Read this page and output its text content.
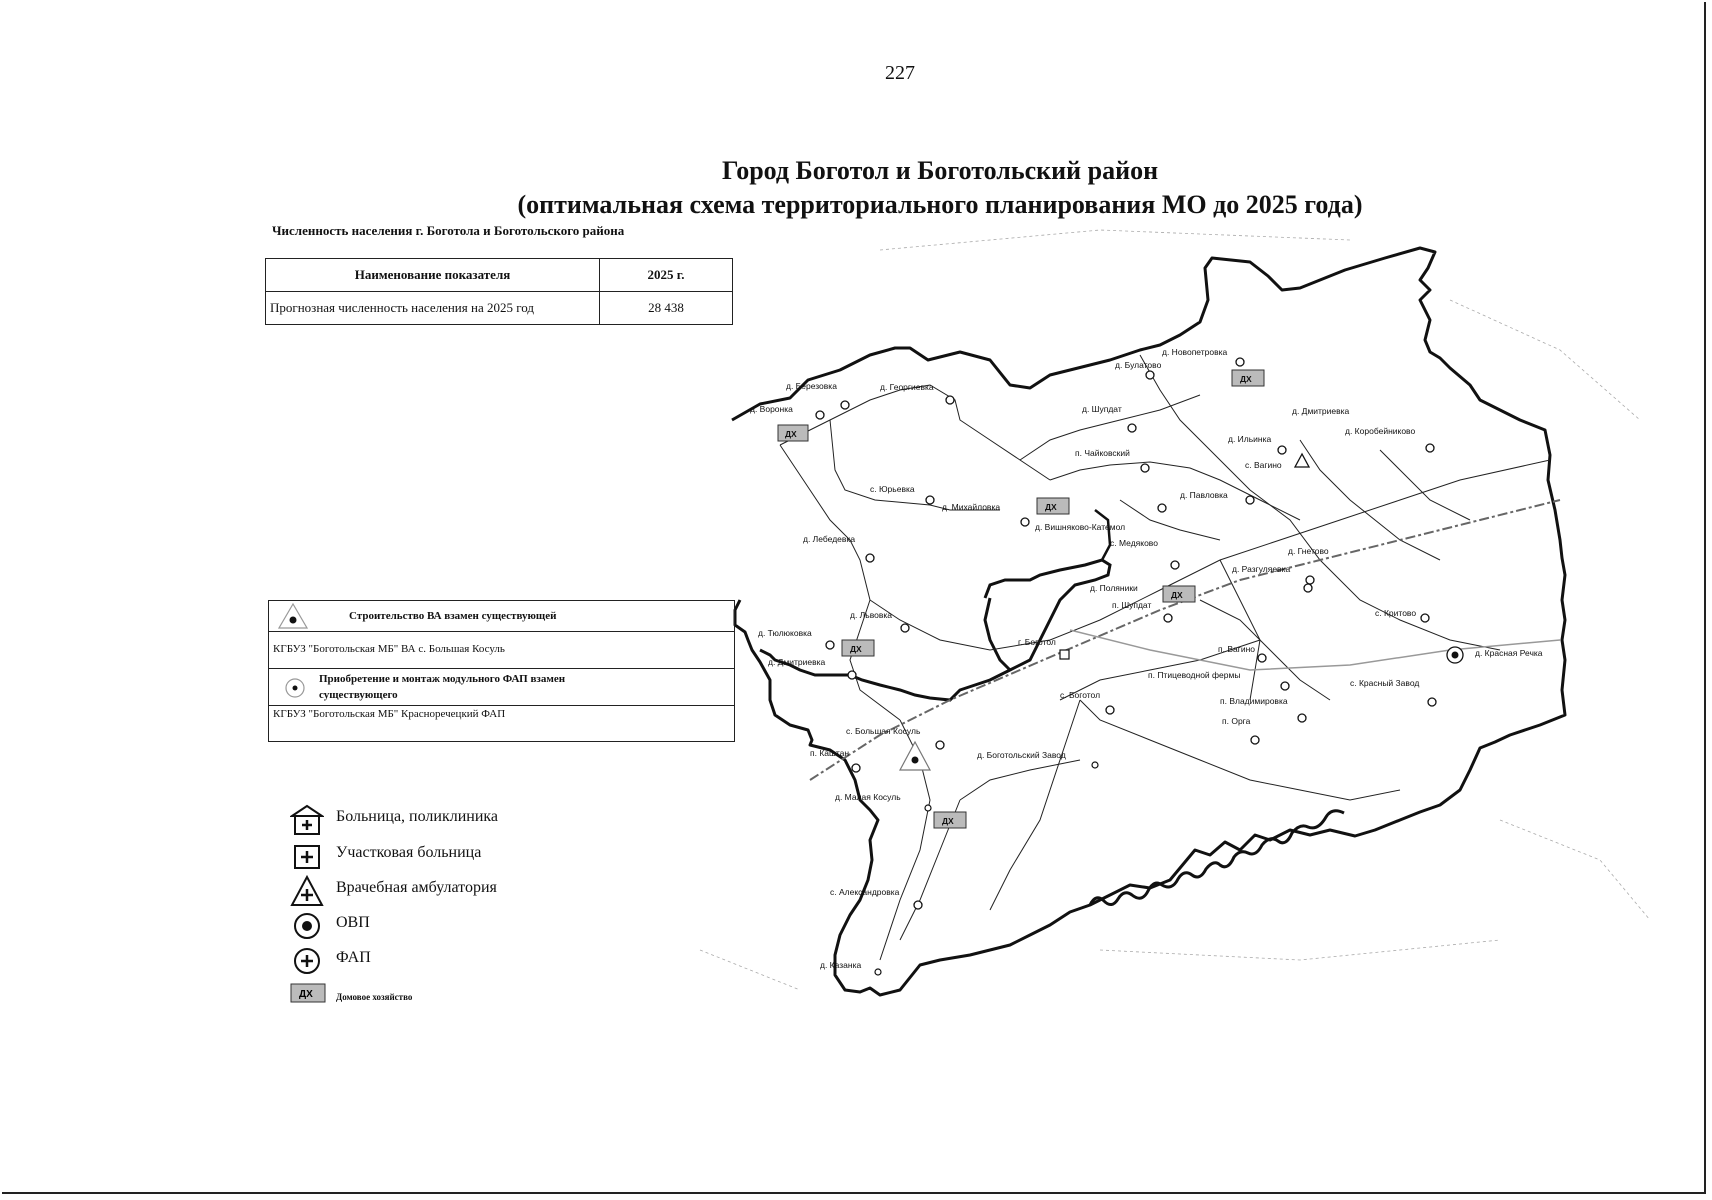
227
Город Боготол и Боготольский район
(оптимальная схема территориального планирования МО до 2025 года)
Численность населения г. Боготола и Боготольского района
Наименование показателя	2025 г.
Прогнозная численность населения на 2025 год	28 438
д. Березовка
д. Воронка
д. Георгиевка
д. Новопетровка
д. Булатово
д. Шупдат	д. Дмитриевка
д. Ильинка
д. Коробейниково
п. Чайковский
с. Вагино
с. Юрьевка
д. Михайловка
д. Павловка
д. Вишняково-Катемол
с. Медяково
д. Лебедевка
д. Гнетово
д. Разгуляевка
д. Поляники
п. Шупдат
д. Львовка
д. Тюлюковка
д. Дмитриевка
г. Боготол
п. Вагино
с. Критово
д. Красная Речка
п. Птицеводной фермы
с. Красный Завод
с. Боготол
п. Владимировка
п. Орга
с. Большая Косуль
п. Каштан	д. Боготольский Завод
д. Малая Косуль
с. Александровка
д. Казанка
ДХ
ДХ
ДХ
ДХ
ДХ
ДХ
Строительство ВА взамен существующей
КГБУЗ "Боготольская МБ" ВА с. Большая Косуль
Приобретение и монтаж модульного ФАП взамен
существующего
КГБУЗ "Боготольская МБ" Красноречецкий ФАП
Больница, поликлиника
Участковая больница
Врачебная амбулатория
ОВП
ФАП
ДХ	Домовое хозяйство
